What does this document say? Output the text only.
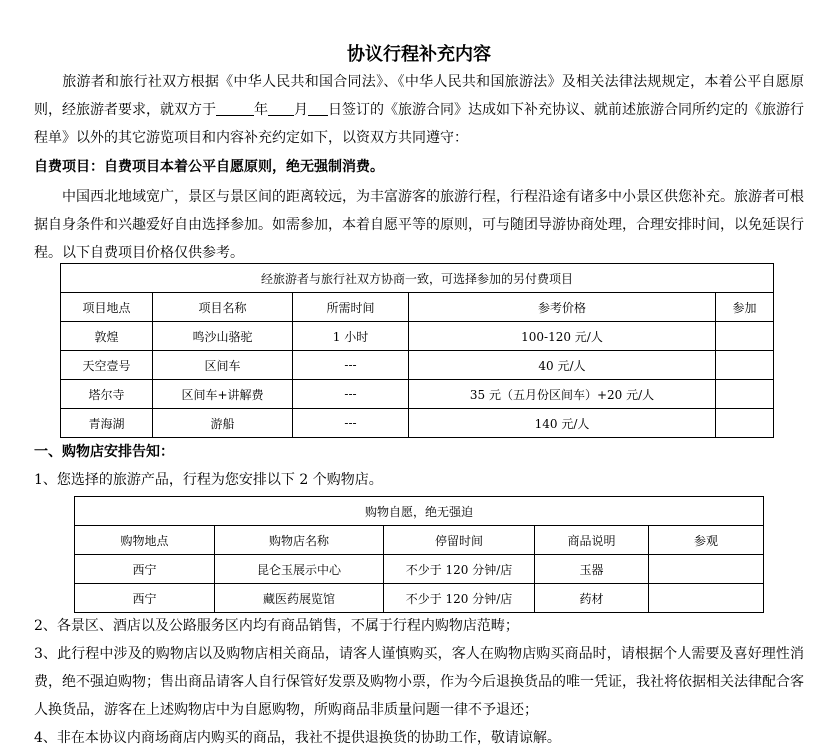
协议行程补充内容
旅游者和旅行社双方根据《中华人民共和国合同法》、《中华人民共和国旅游法》及相关法律法规规定，本着公平自愿原则，经旅游者要求，就双方于	年 月 日签订的《旅游合同》达成如下补充协议、就前述旅游合同所约定的《旅游行程单》以外的其它游览项目和内容补充约定如下，以资双方共同遵守：
自费项目：自费项目本着公平自愿原则，绝无强制消费。
中国西北地域宽广，景区与景区间的距离较远，为丰富游客的旅游行程，行程沿途有诸多中小景区供您补充。旅游者可根据自身条件和兴趣爱好自由选择参加。如需参加，本着自愿平等的原则，可与随团导游协商处理，合理安排时间，以免延误行程。以下自费项目价格仅供参考。
经旅游者与旅行社双方协商一致，可选择参加的另付费项目				
项目地点	项目名称	所需时间	参考价格	参加
敦煌	鸣沙山骆驼	1 小时	100-120 元/人	
天空壹号	区间车	---	40 元/人	
塔尔寺	区间车+讲解费	---	35 元（五月份区间车）+20 元/人	
青海湖	游船	---	140 元/人	
一、购物店安排告知：
1、您选择的旅游产品，行程为您安排以下 2 个购物店。
购物自愿，绝无强迫				
购物地点	购物店名称	停留时间	商品说明	参观
西宁	昆仑玉展示中心	不少于 120 分钟/店	玉器	
西宁	藏医药展览馆	不少于 120 分钟/店	药材	
2、各景区、酒店以及公路服务区内均有商品销售，不属于行程内购物店范畴；
3、此行程中涉及的购物店以及购物店相关商品，请客人谨慎购买，客人在购物店购买商品时，请根据个人需要及喜好理性消费，绝不强迫购物；售出商品请客人自行保管好发票及购物小票，作为今后退换货品的唯一凭证，我社将依据相关法律配合客人换货品，游客在上述购物店中为自愿购物，所购商品非质量问题一律不予退还；
4、非在本协议内商场商店内购买的商品，我社不提供退换货的协助工作，敬请谅解。
